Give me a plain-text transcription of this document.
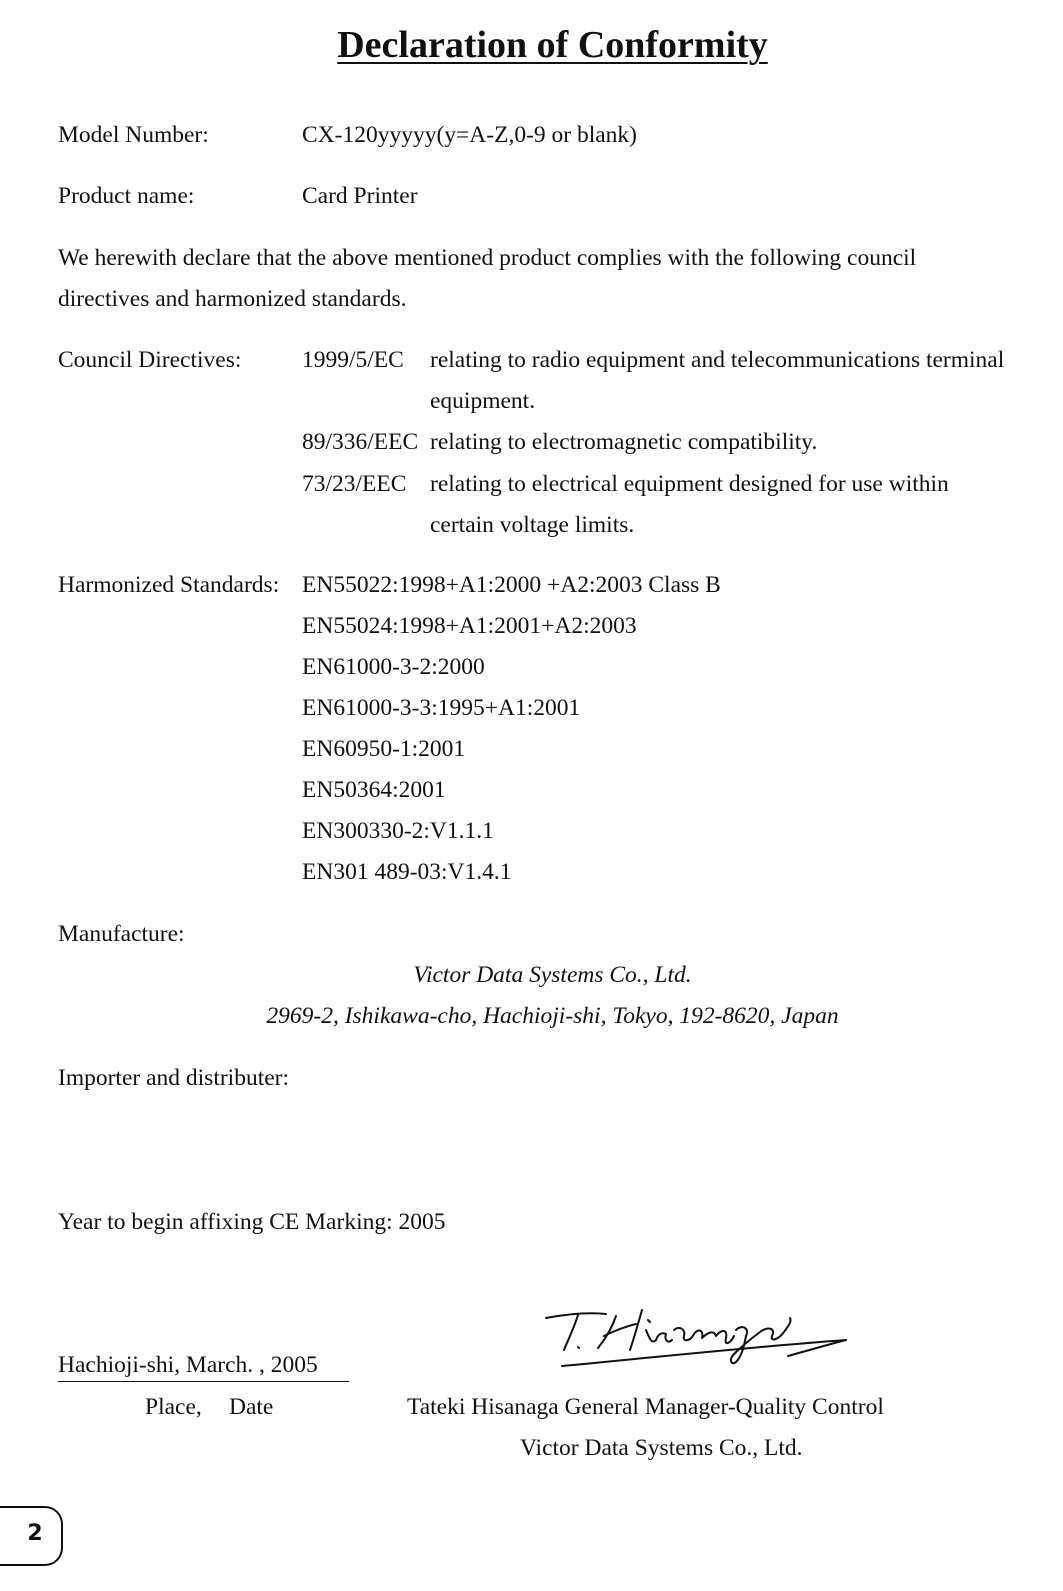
Declaration of Conformity
Model Number:	CX-120yyyyy(y=A-Z,0-9 or blank)
Product name:	Card Printer
We herewith declare that the above mentioned product complies with the following council
directives and harmonized standards.
Council Directives:	1999/5/EC relating to radio equipment and telecommunications terminal
equipment.
89/336/EEC relating to electromagnetic compatibility.
73/23/EEC relating to electrical equipment designed for use within
certain voltage limits.
Harmonized Standards: EN55022:1998+A1:2000 +A2:2003 Class B
EN55024:1998+A1:2001+A2:2003
EN61000-3-2:2000
EN61000-3-3:1995+A1:2001
EN60950-1:2001
EN50364:2001
EN300330-2:V1.1.1
EN301 489-03:V1.4.1
Manufacture:
Victor Data Systems Co., Ltd.
2969-2, Ishikawa-cho, Hachioji-shi, Tokyo, 192-8620, Japan
Importer and distributer:
Year to begin affixing CE Marking: 2005
Hachioji-shi, March. , 2005
Place, Date	Tateki Hisanaga General Manager-Quality Control
Victor Data Systems Co., Ltd.
2
